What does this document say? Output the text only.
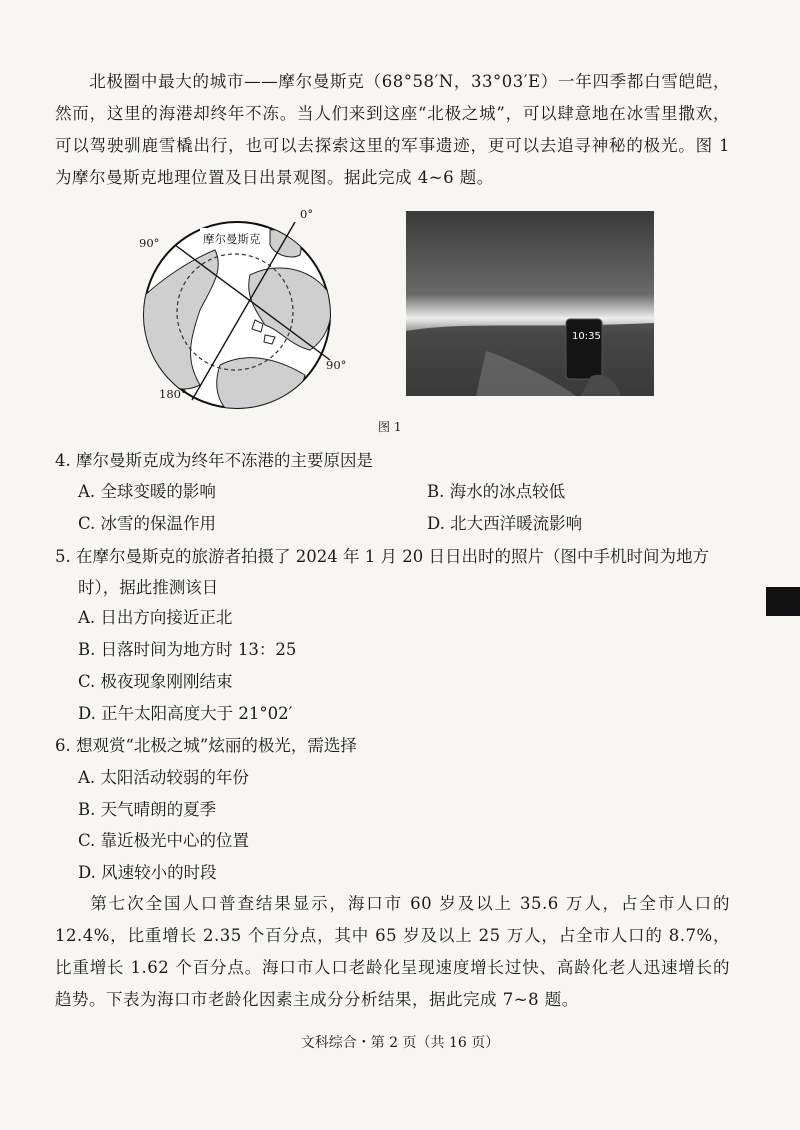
北极圈中最大的城市——摩尔曼斯克（68°58′N，33°03′E）一年四季都白雪皑皑，然而，这里的海港却终年不冻。当人们来到这座“北极之城”，可以肆意地在冰雪里撒欢，可以驾驶驯鹿雪橇出行，也可以去探索这里的军事遗迹，更可以去追寻神秘的极光。图 1 为摩尔曼斯克地理位置及日出景观图。据此完成 4~6 题。
摩尔曼斯克
0°
90°
90°
180°
10:35
图 1
4. 摩尔曼斯克成为终年不冻港的主要原因是
A. 全球变暖的影响	B. 海水的冰点较低
C. 冰雪的保温作用	D. 北大西洋暖流影响
5. 在摩尔曼斯克的旅游者拍摄了 2024 年 1 月 20 日日出时的照片（图中手机时间为地方
时），据此推测该日
A. 日出方向接近正北
B. 日落时间为地方时 13：25
C. 极夜现象刚刚结束
D. 正午太阳高度大于 21°02′
6. 想观赏“北极之城”炫丽的极光，需选择
A. 太阳活动较弱的年份
B. 天气晴朗的夏季
C. 靠近极光中心的位置
D. 风速较小的时段
第七次全国人口普查结果显示，海口市 60 岁及以上 35.6 万人，占全市人口的 12.4%，比重增长 2.35 个百分点，其中 65 岁及以上 25 万人，占全市人口的 8.7%，比重增长 1.62 个百分点。海口市人口老龄化呈现速度增长过快、高龄化老人迅速增长的趋势。下表为海口市老龄化因素主成分分析结果，据此完成 7~8 题。
文科综合・第 2 页（共 16 页）
